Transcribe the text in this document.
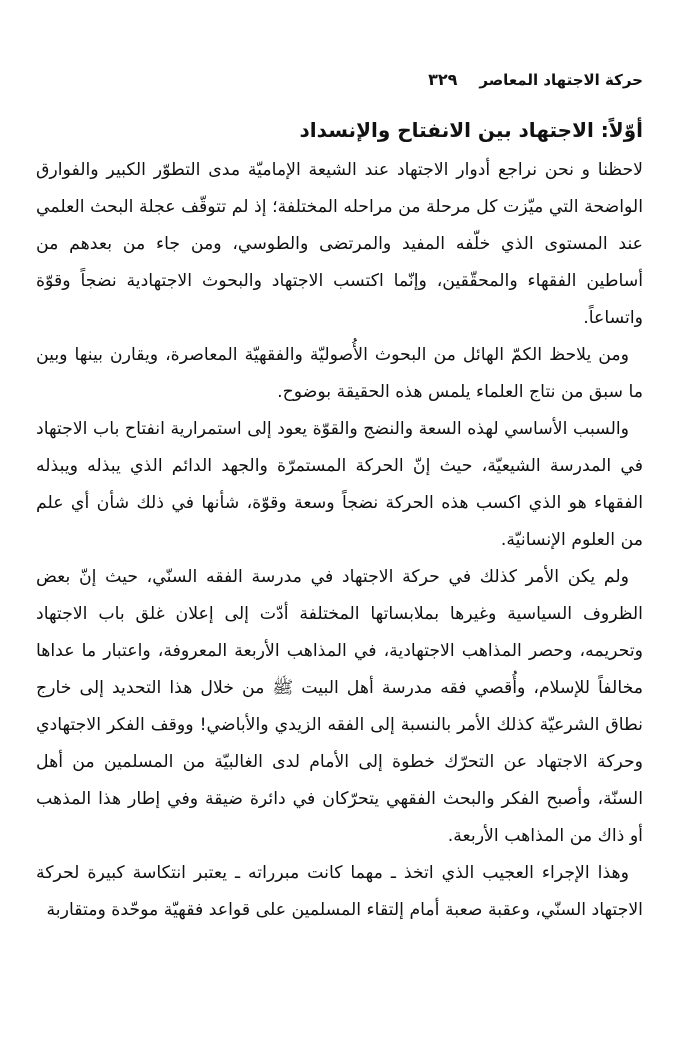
حركة الاجتهاد المعاصر
٣٢٩
أوّلاً: الاجتهاد بين الانفتاح والإنسداد

لاحظنا و نحن نراجع أدوار الاجتهاد عند الشيعة الإماميّة مدى التطوّر الكبير والفوارق الواضحة التي ميّزت كل مرحلة من مراحله المختلفة؛ إذ لم تتوقّف عجلة البحث العلمي عند المستوى الذي خلّفه المفيد والمرتضى والطوسي، ومن جاء من بعدهم من أساطين الفقهاء والمحقّقين، وإنّما اكتسب الاجتهاد والبحوث الاجتهادية نضجاً وقوّة واتساعاً.

ومن يلاحظ الكمّ الهائل من البحوث الأُصوليّة والفقهيّة المعاصرة، ويقارن بينها وبين ما سبق من نتاج العلماء يلمس هذه الحقيقة بوضوح.

والسبب الأساسي لهذه السعة والنضج والقوّة يعود إلى استمرارية انفتاح باب الاجتهاد في المدرسة الشيعيّة، حيث إنّ الحركة المستمرّة والجهد الدائم الذي يبذله ويبذله الفقهاء هو الذي اكسب هذه الحركة نضجاً وسعة وقوّة، شأنها في ذلك شأن أي علم من العلوم الإنسانيّة.

ولم يكن الأمر كذلك في حركة الاجتهاد في مدرسة الفقه السنّي، حيث إنّ بعض الظروف السياسية وغيرها بملابساتها المختلفة أدّت إلى إعلان غلق باب الاجتهاد وتحريمه، وحصر المذاهب الاجتهادية، في المذاهب الأربعة المعروفة، واعتبار ما عداها مخالفاً للإسلام، وأُقصي فقه مدرسة أهل البيت ﷺ من خلال هذا التحديد إلى خارج نطاق الشرعيّة كذلك الأمر بالنسبة إلى الفقه الزيدي والأباضي! ووقف الفكر الاجتهادي وحركة الاجتهاد عن التحرّك خطوة إلى الأمام لدى الغالبيّة من المسلمين من أهل السنّة، وأصبح الفكر والبحث الفقهي يتحرّكان في دائرة ضيقة وفي إطار هذا المذهب أو ذاك من المذاهب الأربعة.

وهذا الإجراء العجيب الذي اتخذ ـ مهما كانت مبرراته ـ يعتبر انتكاسة كبيرة لحركة الاجتهاد السنّي، وعقبة صعبة أمام إلتقاء المسلمين على قواعد فقهيّة موحّدة ومتقاربة
